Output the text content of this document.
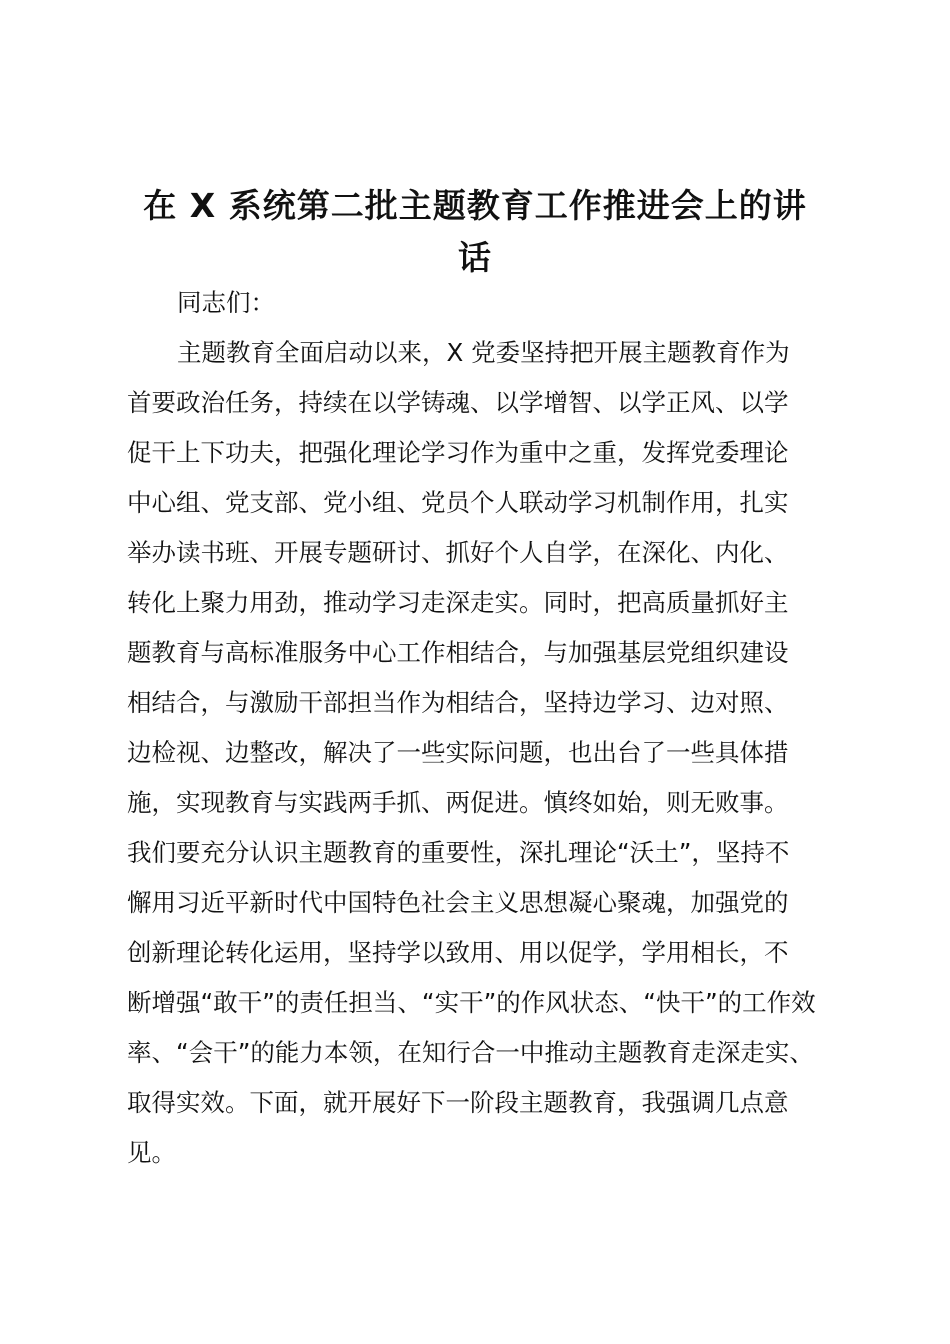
在 X 系统第二批主题教育工作推进会上的讲
话
同志们：
主题教育全面启动以来，X 党委坚持把开展主题教育作为
首要政治任务，持续在以学铸魂、以学增智、以学正风、以学
促干上下功夫，把强化理论学习作为重中之重，发挥党委理论
中心组、党支部、党小组、党员个人联动学习机制作用，扎实
举办读书班、开展专题研讨、抓好个人自学，在深化、内化、
转化上聚力用劲，推动学习走深走实。同时，把高质量抓好主
题教育与高标准服务中心工作相结合，与加强基层党组织建设
相结合，与激励干部担当作为相结合，坚持边学习、边对照、
边检视、边整改，解决了一些实际问题，也出台了一些具体措
施，实现教育与实践两手抓、两促进。慎终如始，则无败事。
我们要充分认识主题教育的重要性，深扎理论“沃土”，坚持不
懈用习近平新时代中国特色社会主义思想凝心聚魂，加强党的
创新理论转化运用，坚持学以致用、用以促学，学用相长，不
断增强“敢干”的责任担当、“实干”的作风状态、“快干”的工作效
率、“会干”的能力本领，在知行合一中推动主题教育走深走实、
取得实效。下面，就开展好下一阶段主题教育，我强调几点意
见。
